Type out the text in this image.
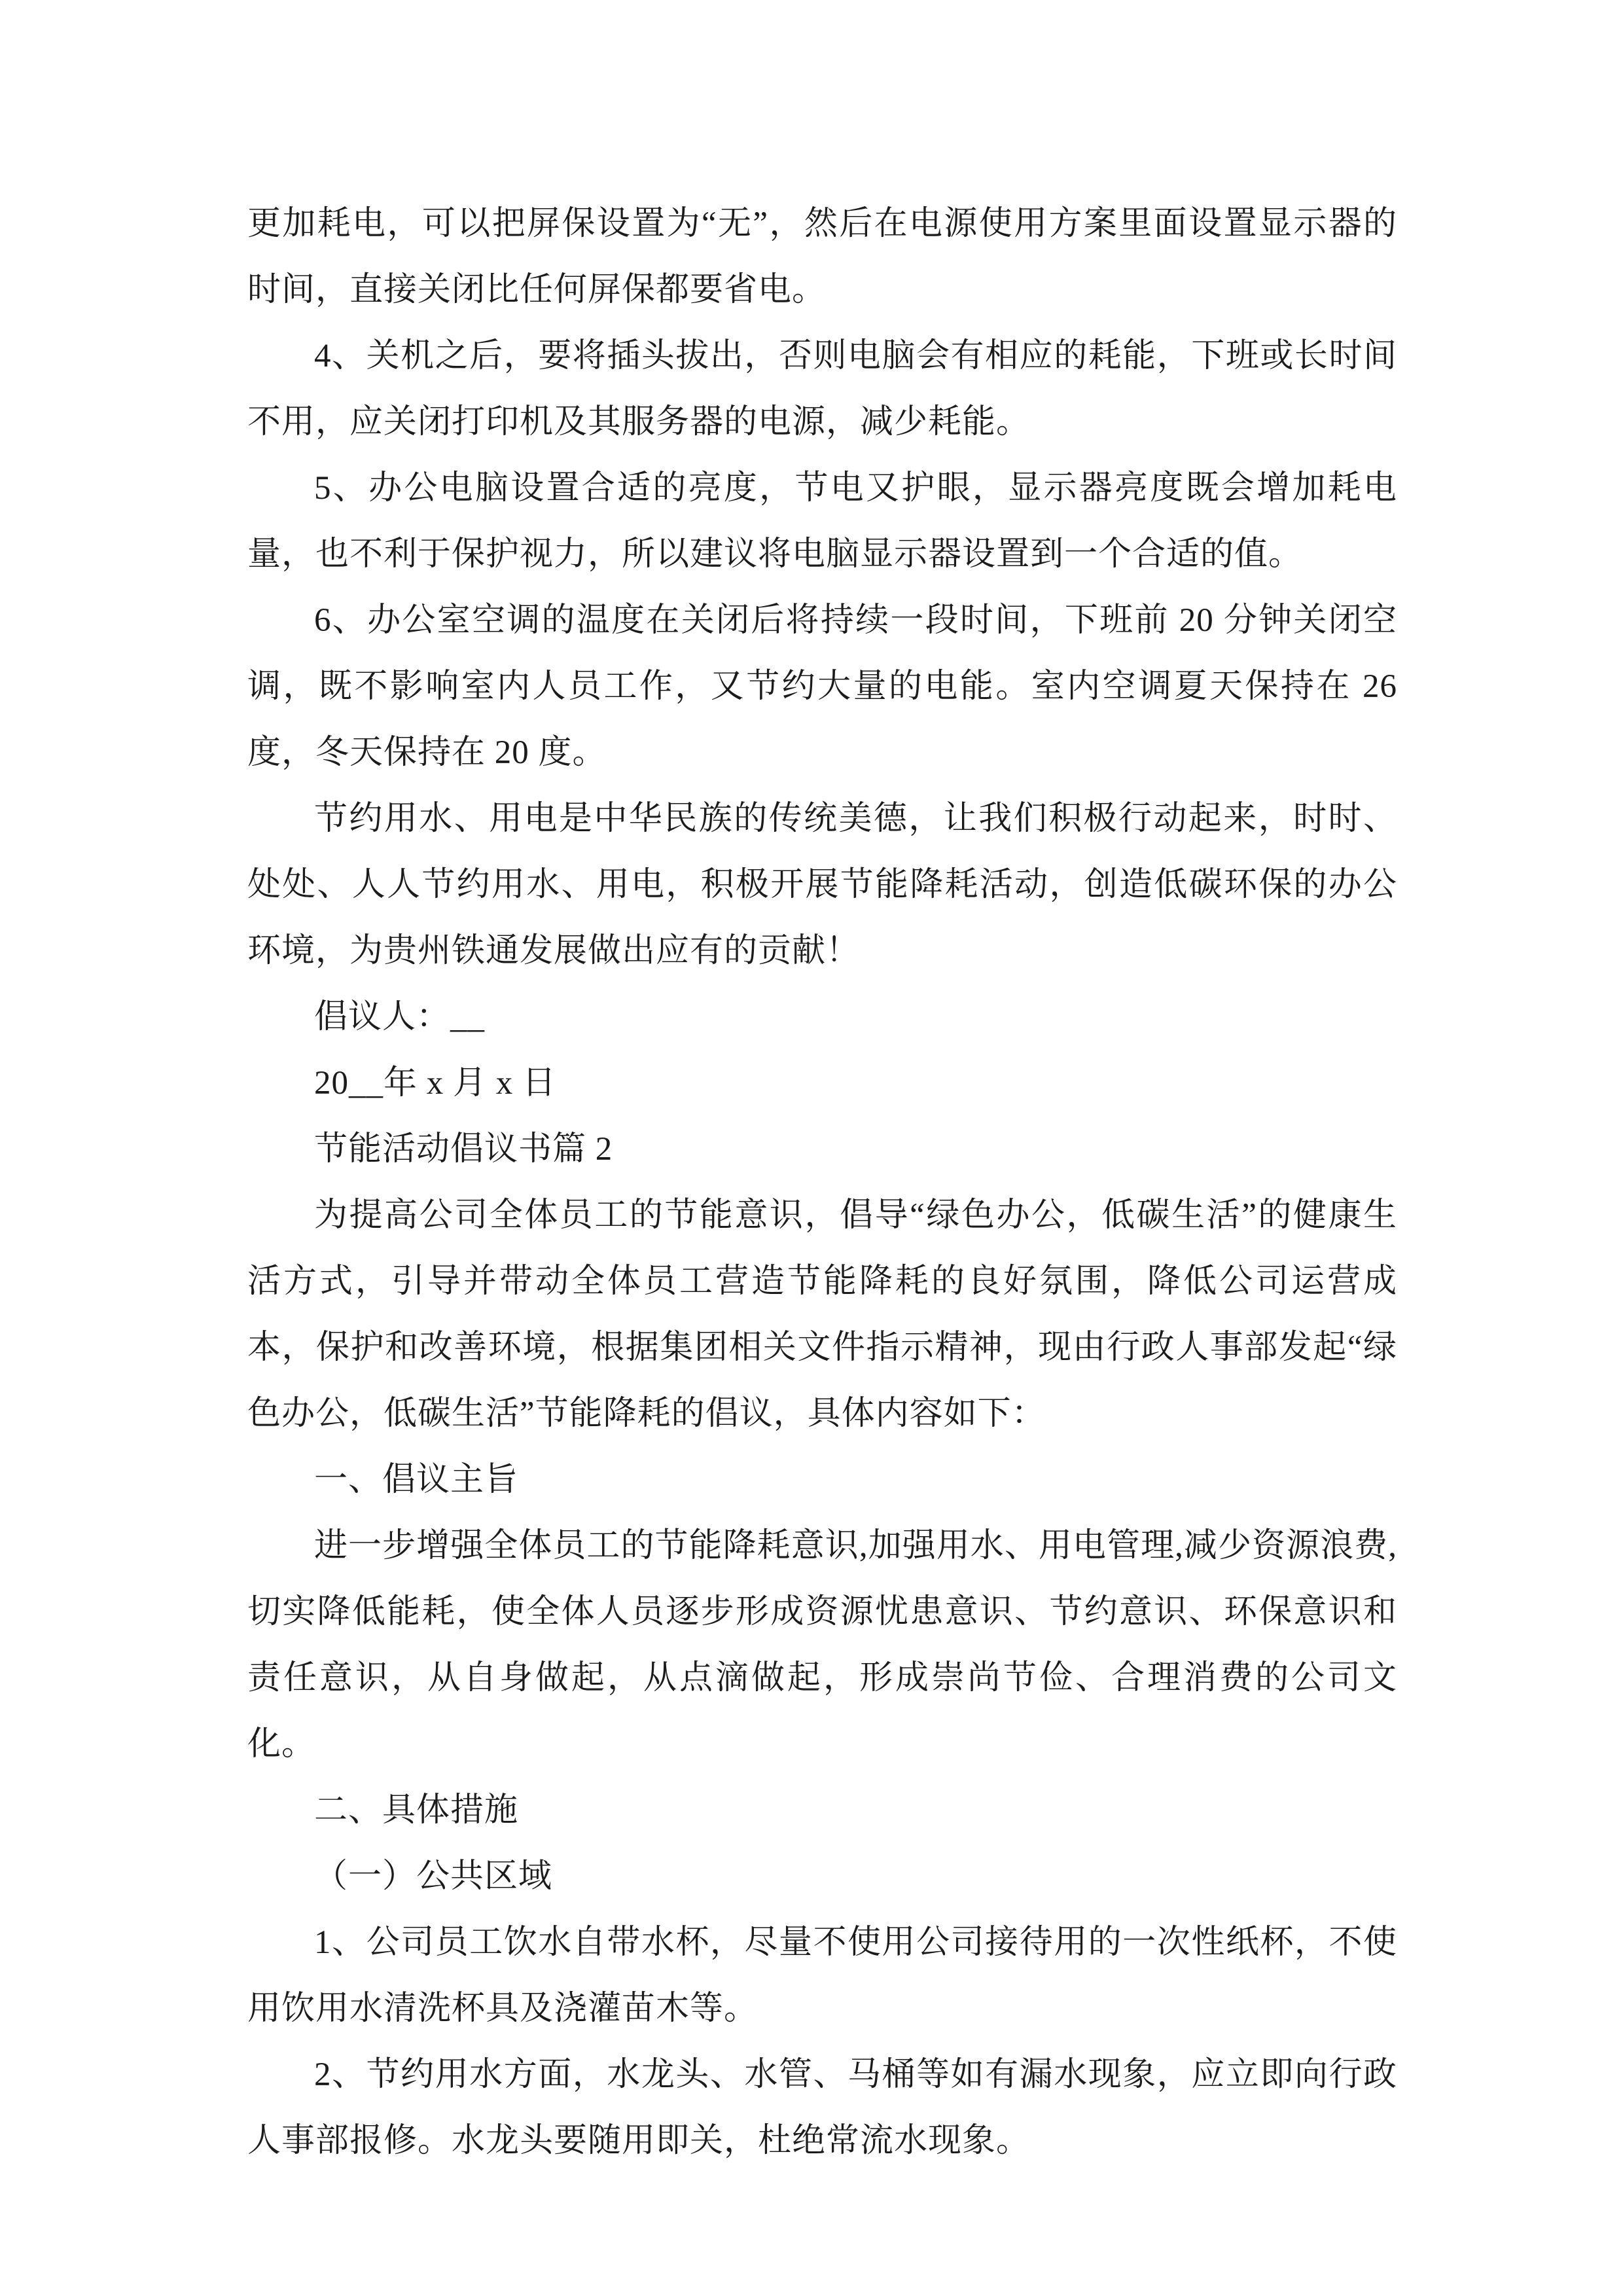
更加耗电，可以把屏保设置为“无”，然后在电源使用方案里面设置显示器的时间，直接关闭比任何屏保都要省电。

4、关机之后，要将插头拔出，否则电脑会有相应的耗能，下班或长时间不用，应关闭打印机及其服务器的电源，减少耗能。

5、办公电脑设置合适的亮度，节电又护眼，显示器亮度既会增加耗电量，也不利于保护视力，所以建议将电脑显示器设置到一个合适的值。

6、办公室空调的温度在关闭后将持续一段时间，下班前 20 分钟关闭空调，既不影响室内人员工作，又节约大量的电能。室内空调夏天保持在 26 度，冬天保持在 20 度。

节约用水、用电是中华民族的传统美德，让我们积极行动起来，时时、处处、人人节约用水、用电，积极开展节能降耗活动，创造低碳环保的办公环境，为贵州铁通发展做出应有的贡献！

倡议人：__

20__年 x 月 x 日

节能活动倡议书篇 2

为提高公司全体员工的节能意识，倡导“绿色办公，低碳生活”的健康生活方式，引导并带动全体员工营造节能降耗的良好氛围，降低公司运营成本，保护和改善环境，根据集团相关文件指示精神，现由行政人事部发起“绿色办公，低碳生活”节能降耗的倡议，具体内容如下：

一、倡议主旨

进一步增强全体员工的节能降耗意识,加强用水、用电管理,减少资源浪费,切实降低能耗，使全体人员逐步形成资源忧患意识、节约意识、环保意识和责任意识，从自身做起，从点滴做起，形成崇尚节俭、合理消费的公司文化。

二、具体措施

（一）公共区域

1、公司员工饮水自带水杯，尽量不使用公司接待用的一次性纸杯，不使用饮用水清洗杯具及浇灌苗木等。

2、节约用水方面，水龙头、水管、马桶等如有漏水现象，应立即向行政人事部报修。水龙头要随用即关，杜绝常流水现象。
